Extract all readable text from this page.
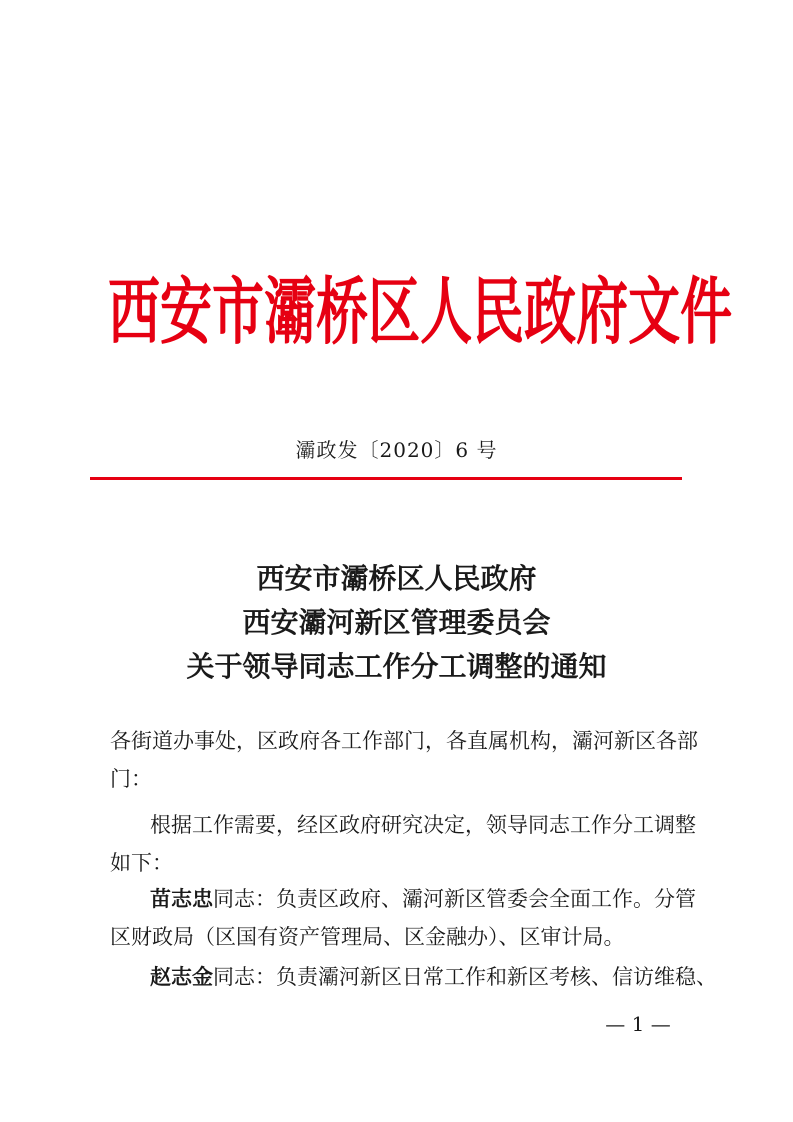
西 安 市 灞 桥 区 人 民 政 府 文 件
灞政发〔2020〕6 号
西安市灞桥区人民政府
西安灞河新区管理委员会
关于领导同志工作分工调整的通知
各街道办事处，区政府各工作部门，各直属机构，灞河新区各部
门：
根据工作需要，经区政府研究决定，领导同志工作分工调整
如下：
苗志忠同志：负责区政府、灞河新区管委会全面工作。分管
区财政局（区国有资产管理局、区金融办）、区审计局。
赵志金同志：负责灞河新区日常工作和新区考核、信访维稳、
— 1 —
